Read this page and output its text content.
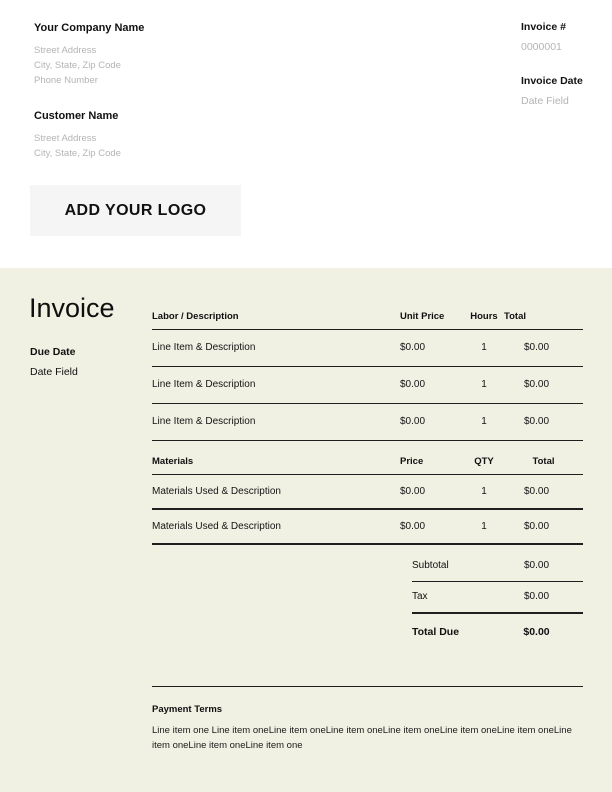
Your Company Name
Street Address
City, State, Zip Code
Phone Number
Customer Name
Street Address
City, State, Zip Code
Invoice #
0000001
Invoice Date
Date Field
ADD YOUR LOGO
Invoice
Due Date
Date Field
Labor / Description	Unit Price	Hours Total
Line Item & Description	$0.00	1	$0.00
Line Item & Description	$0.00	1	$0.00
Line Item & Description	$0.00	1	$0.00
Materials	Price	QTY	Total
Materials Used & Description	$0.00	1	$0.00
Materials Used & Description	$0.00	1	$0.00
Subtotal	$0.00
Tax	$0.00
Total Due	$0.00
Payment Terms
Line item one Line item oneLine item oneLine item oneLine item oneLine item oneLine item oneLine item oneLine item oneLine item one
